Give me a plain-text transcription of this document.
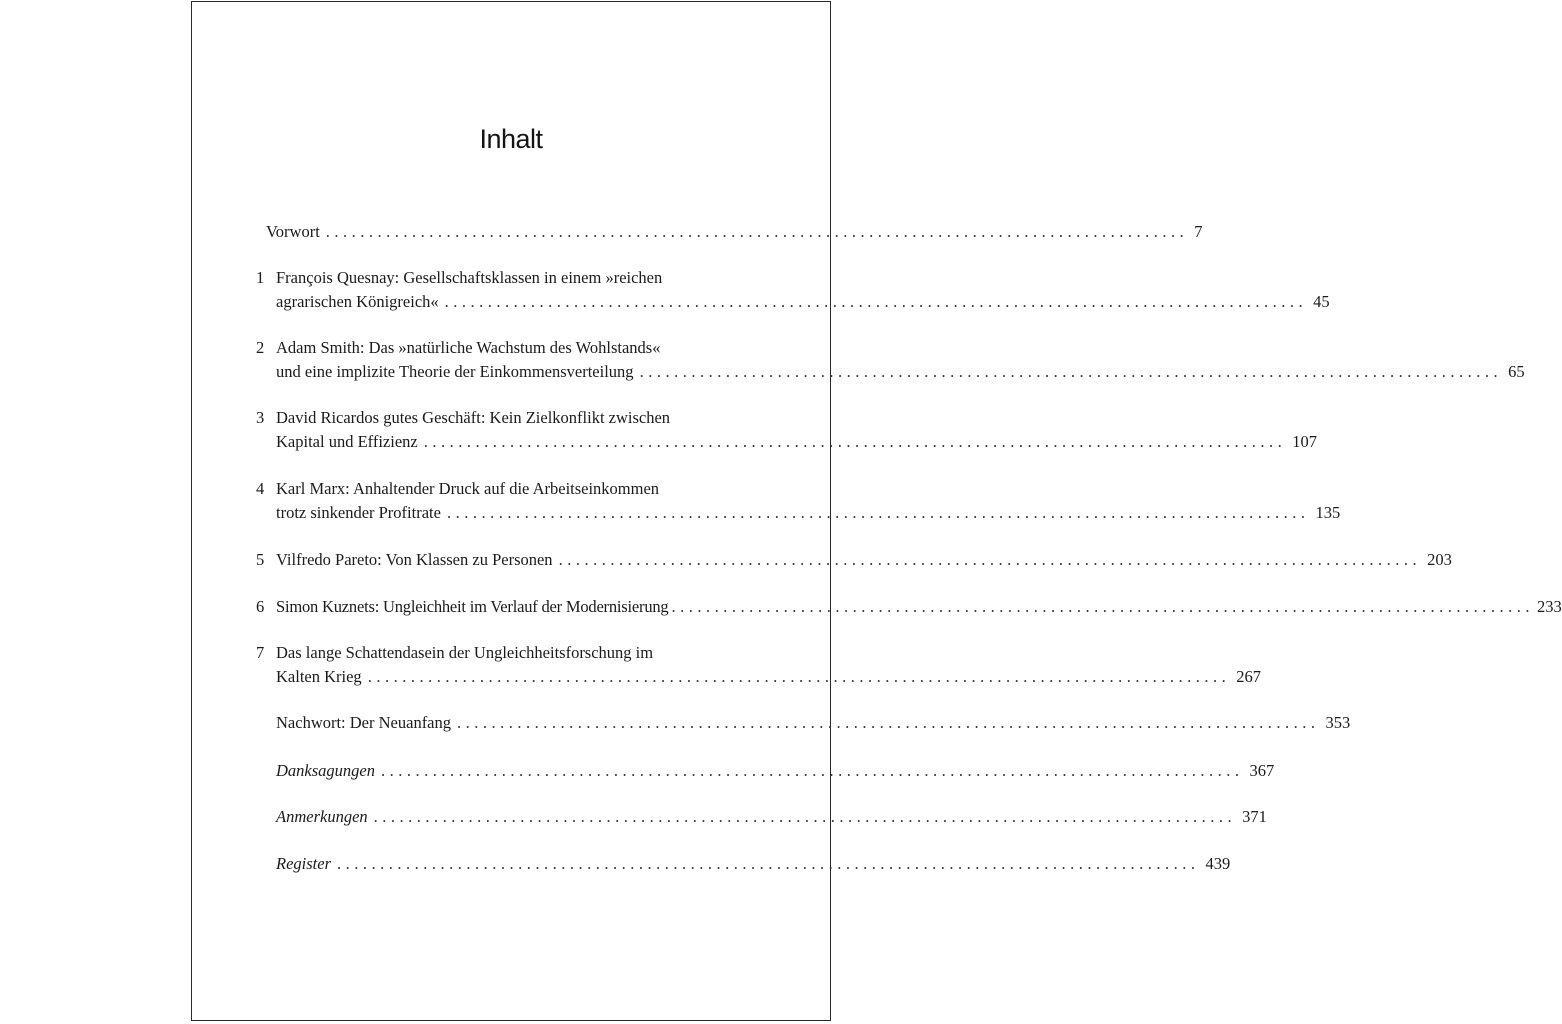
Inhalt
Vorwort .................................................................................................... 7
1 François Quesnay: Gesellschaftsklassen in einem »reichen
agrarischen Königreich« .................................................................................................... 45
2 Adam Smith: Das »natürliche Wachstum des Wohlstands«
und eine implizite Theorie der Einkommensverteilung .................................................................................................... 65
3 David Ricardos gutes Geschäft: Kein Zielkonflikt zwischen
Kapital und Effizienz .................................................................................................... 107
4 Karl Marx: Anhaltender Druck auf die Arbeitseinkommen
trotz sinkender Profitrate .................................................................................................... 135
5 Vilfredo Pareto: Von Klassen zu Personen .................................................................................................... 203
6 Simon Kuznets: Ungleichheit im Verlauf der Modernisierung .................................................................................................... 233
7 Das lange Schattendasein der Ungleichheitsforschung im
Kalten Krieg .................................................................................................... 267
Nachwort: Der Neuanfang .................................................................................................... 353
Danksagungen .................................................................................................... 367
Anmerkungen .................................................................................................... 371
Register .................................................................................................... 439
